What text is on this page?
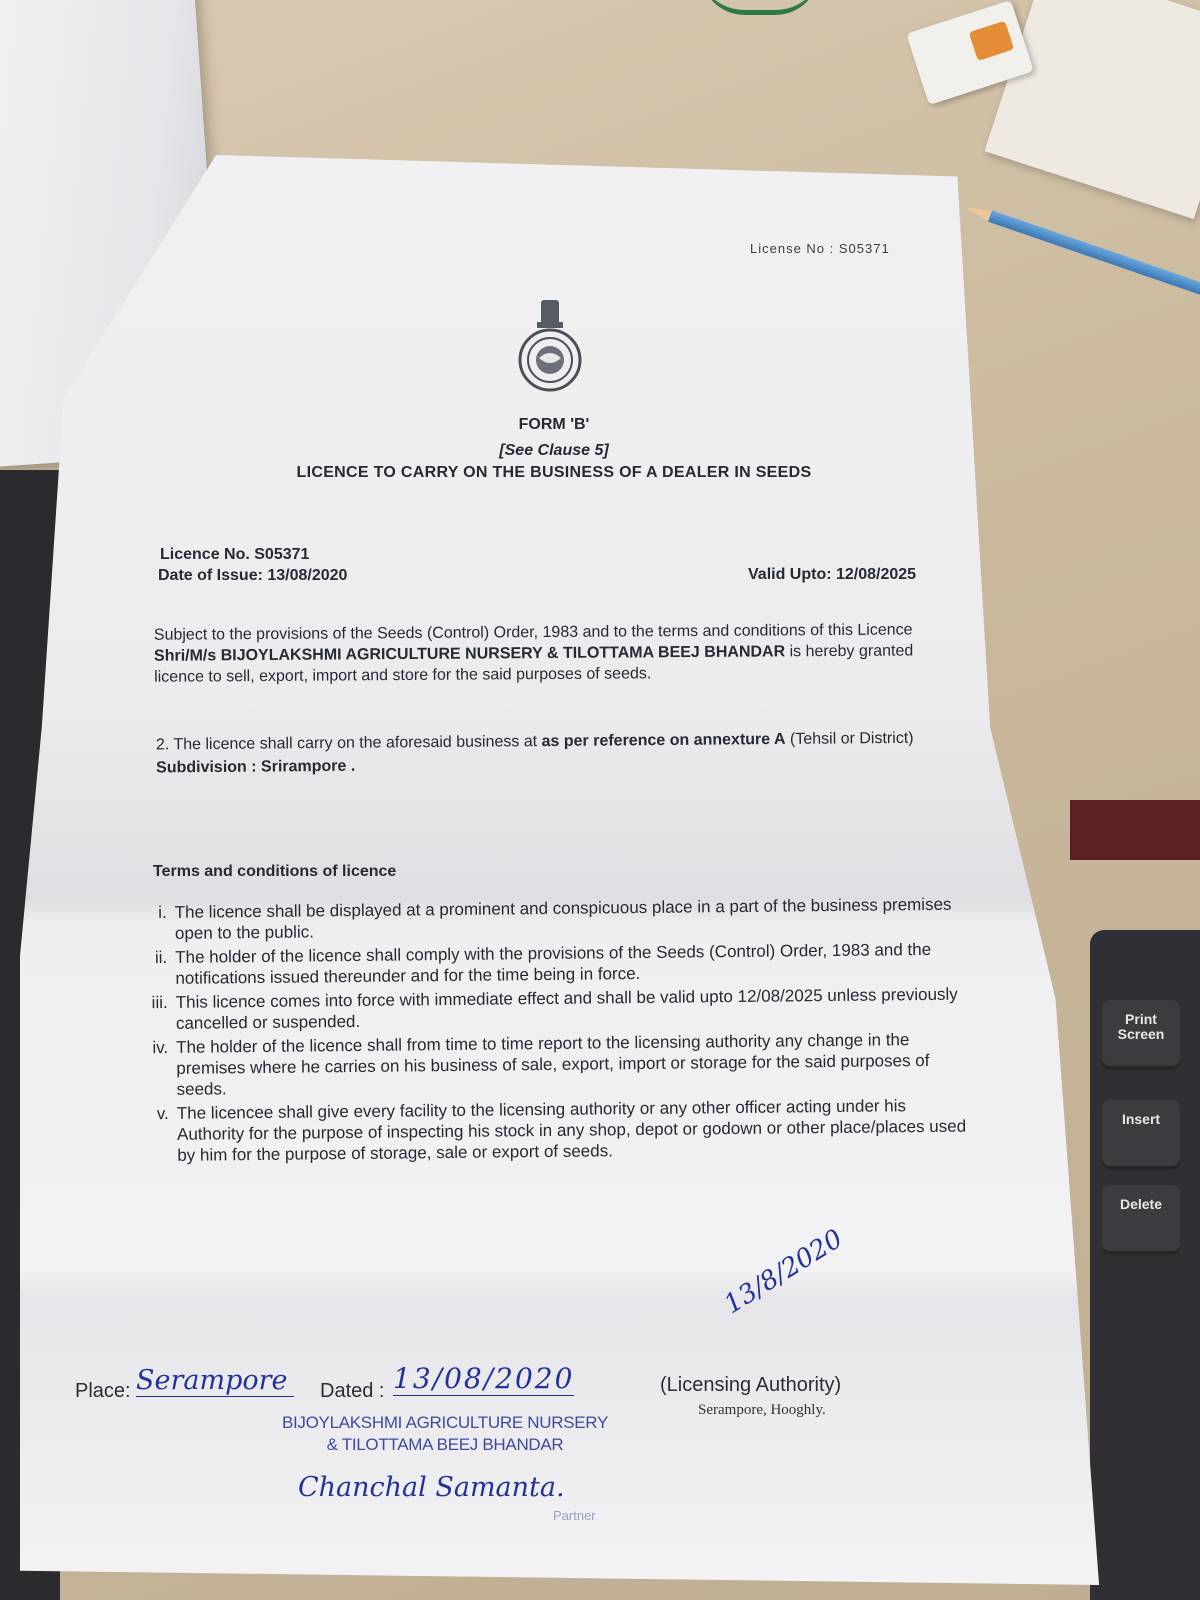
Print Screen
Insert
Delete
License No : S05371
FORM 'B'
[See Clause 5]
LICENCE TO CARRY ON THE BUSINESS OF A DEALER IN SEEDS
Licence No. S05371
Date of Issue: 13/08/2020	Valid Upto: 12/08/2025
Subject to the provisions of the Seeds (Control) Order, 1983 and to the terms and conditions of this Licence Shri/M/s BIJOYLAKSHMI AGRICULTURE NURSERY & TILOTTAMA BEEJ BHANDAR is hereby granted licence to sell, export, import and store for the said purposes of seeds.
2. The licence shall carry on the aforesaid business at as per reference on annexture A (Tehsil or District) Subdivision : Srirampore .
Terms and conditions of licence
i. The licence shall be displayed at a prominent and conspicuous place in a part of the business premises open to the public.
ii. The holder of the licence shall comply with the provisions of the Seeds (Control) Order, 1983 and the notifications issued thereunder and for the time being in force.
iii. This licence comes into force with immediate effect and shall be valid upto 12/08/2025 unless previously cancelled or suspended.
iv. The holder of the licence shall from time to time report to the licensing authority any change in the premises where he carries on his business of sale, export, import or storage for the said purposes of seeds.
v. The licencee shall give every facility to the licensing authority or any other officer acting under his Authority for the purpose of inspecting his stock in any shop, depot or godown or other place/places used by him for the purpose of storage, sale or export of seeds.
13/8/2020
Place: Serampore	Dated : 13/08/2020	(Licensing Authority)
Serampore, Hooghly.
BIJOYLAKSHMI AGRICULTURE NURSERY
& TILOTTAMA BEEJ BHANDAR
Chanchal Samanta.
Partner
